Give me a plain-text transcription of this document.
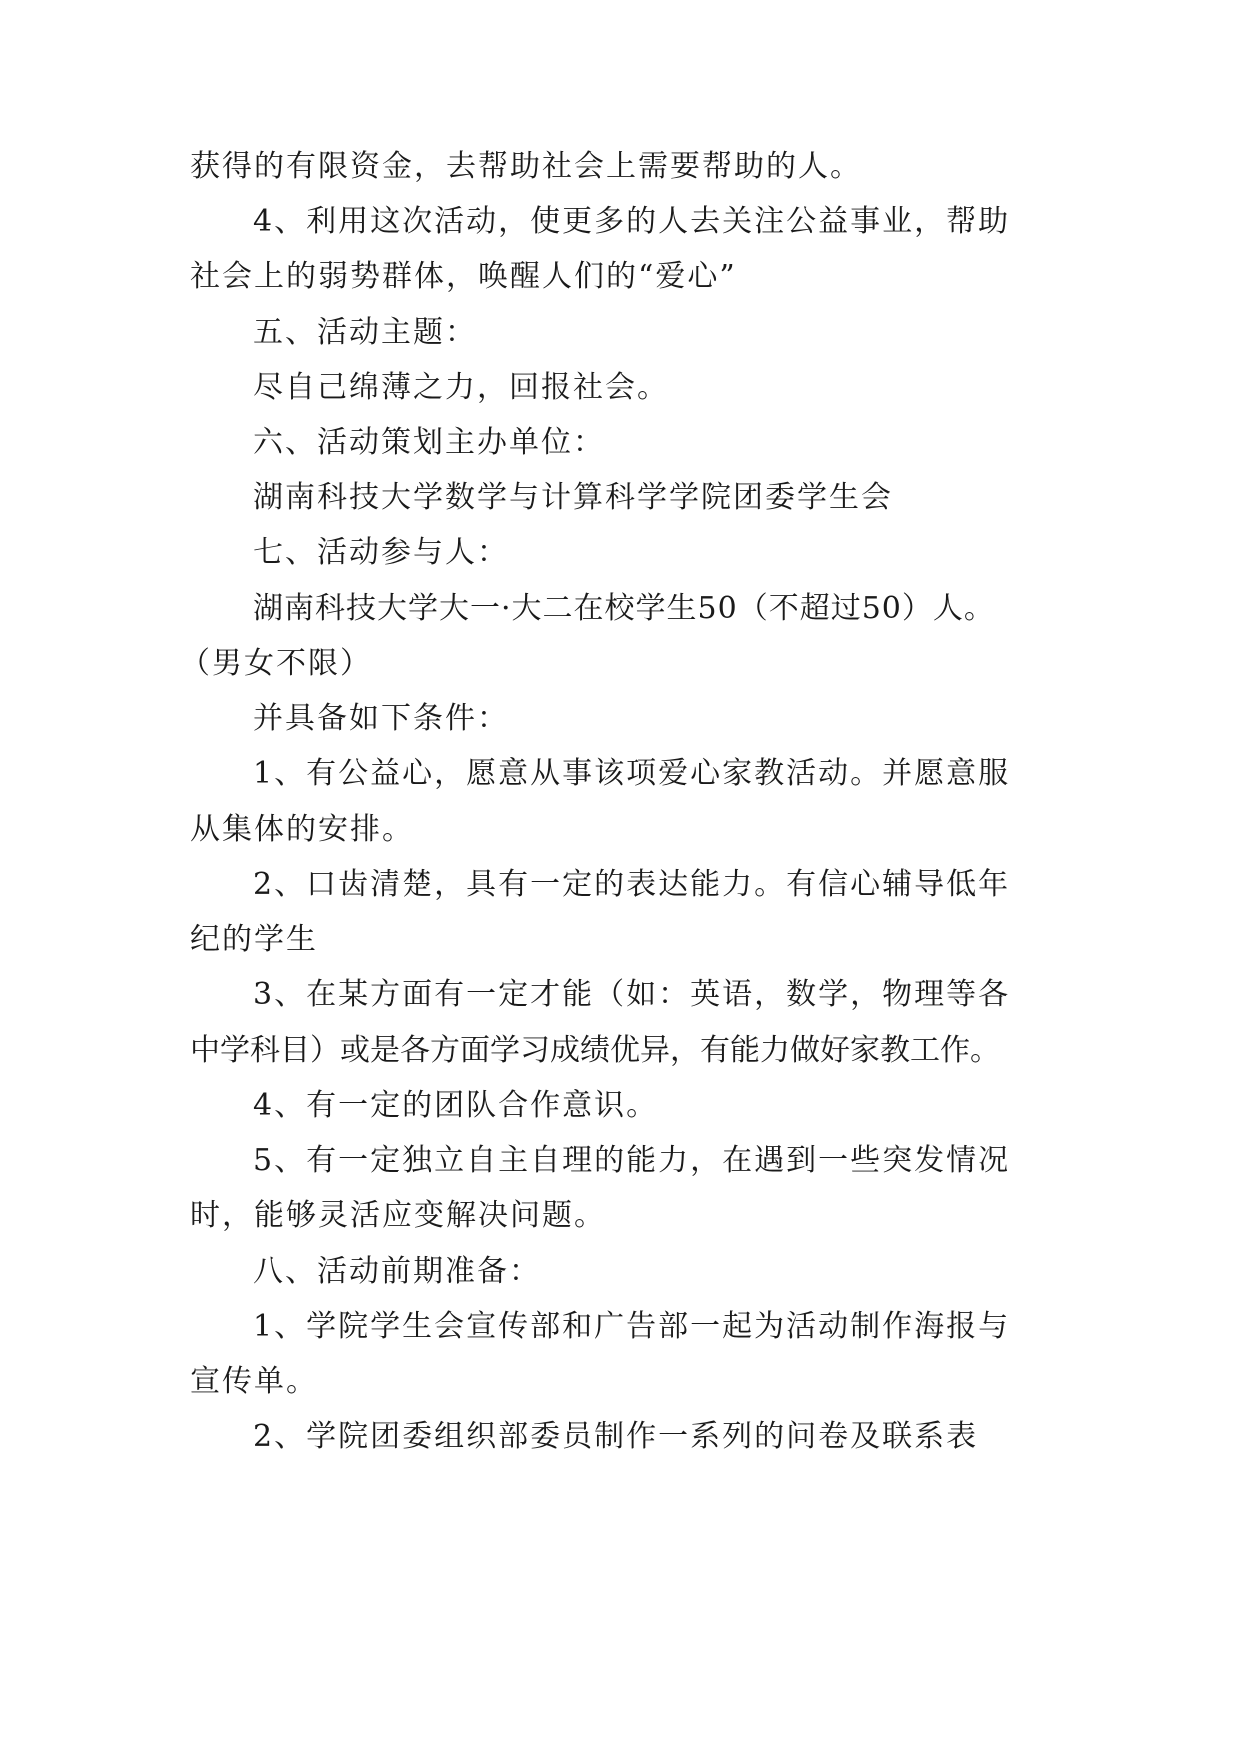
获得的有限资金，去帮助社会上需要帮助的人。
4、利用这次活动，使更多的人去关注公益事业，帮助
社会上的弱势群体，唤醒人们的“爱心”
五、活动主题：
尽自己绵薄之力，回报社会。
六、活动策划主办单位：
湖南科技大学数学与计算科学学院团委学生会
七、活动参与人：
湖南科技大学大一·大二在校学生50（不超过50）人。
（男女不限）
并具备如下条件：
1、有公益心，愿意从事该项爱心家教活动。并愿意服
从集体的安排。
2、口齿清楚，具有一定的表达能力。有信心辅导低年
纪的学生
3、在某方面有一定才能（如：英语，数学，物理等各
中学科目）或是各方面学习成绩优异，有能力做好家教工作。
4、有一定的团队合作意识。
5、有一定独立自主自理的能力，在遇到一些突发情况
时，能够灵活应变解决问题。
八、活动前期准备：
1、学院学生会宣传部和广告部一起为活动制作海报与
宣传单。
2、学院团委组织部委员制作一系列的问卷及联系表
